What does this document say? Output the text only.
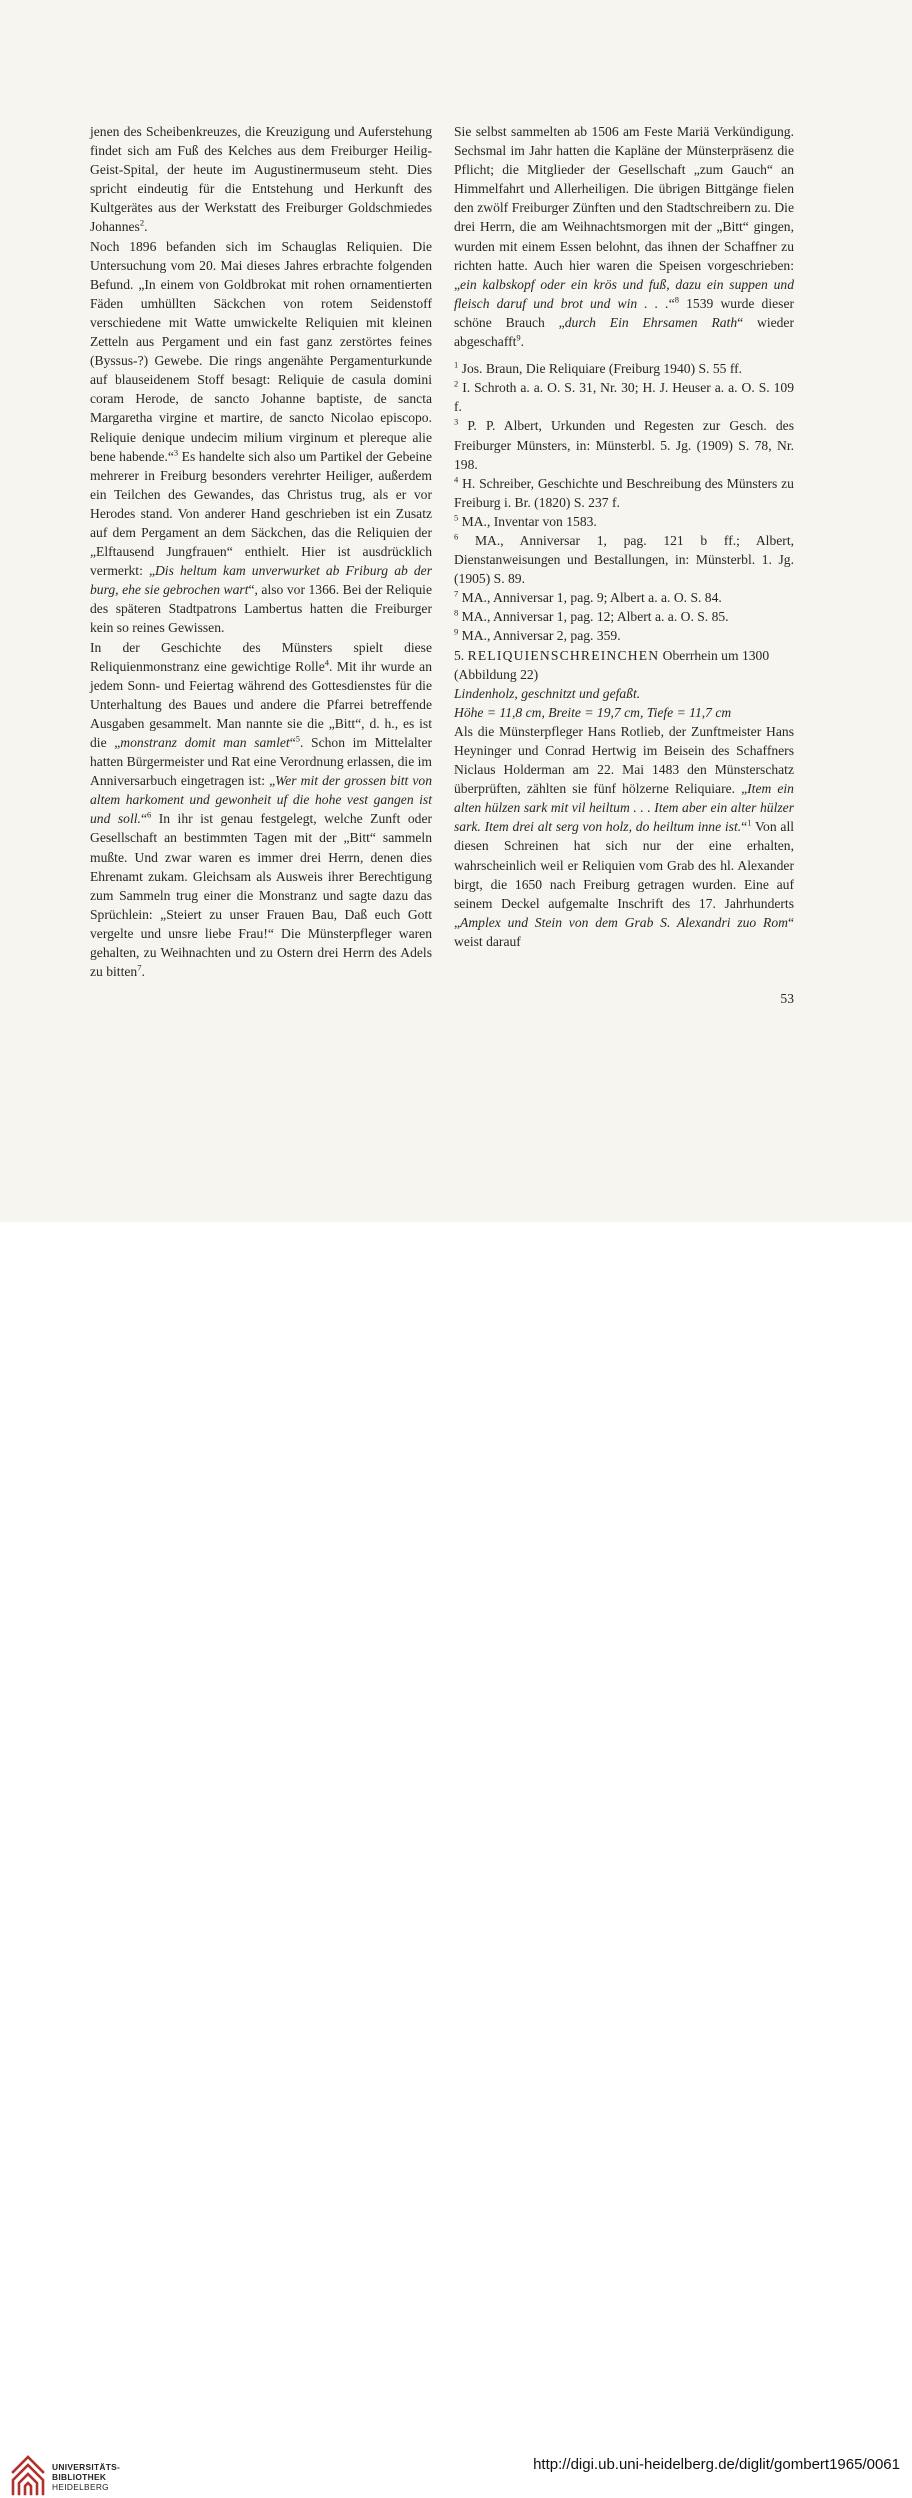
jenen des Scheibenkreuzes, die Kreuzigung und Auferstehung findet sich am Fuß des Kelches aus dem Freiburger Heilig-Geist-Spital, der heute im Augustinermuseum steht. Dies spricht eindeutig für die Entstehung und Herkunft des Kultgerätes aus der Werkstatt des Freiburger Goldschmiedes Johannes$^2$.

Noch 1896 befanden sich im Schauglas Reliquien. Die Untersuchung vom 20. Mai dieses Jahres erbrachte folgenden Befund. „In einem von Goldbrokat mit rohen ornamentierten Fäden umhüllten Säckchen von rotem Seidenstoff verschiedene mit Watte umwickelte Reliquien mit kleinen Zetteln aus Pergament und ein fast ganz zerstörtes feines (Byssus-?) Gewebe. Die rings angenähte Pergamenturkunde auf blauseidenem Stoff besagt: Reliquie de casula domini coram Herode, de sancto Johanne baptiste, de sancta Margaretha virgine et martire, de sancto Nicolao episcopo. Reliquie denique undecim milium virginum et plereque alie bene habende.“$^3$ Es handelte sich also um Partikel der Gebeine mehrerer in Freiburg besonders verehrter Heiliger, außerdem ein Teilchen des Gewandes, das Christus trug, als er vor Herodes stand. Von anderer Hand geschrieben ist ein Zusatz auf dem Pergament an dem Säckchen, das die Reliquien der „Elftausend Jungfrauen“ enthielt. Hier ist ausdrücklich vermerkt: „Dis heltum kam unverwurket ab Friburg ab der burg, ehe sie gebrochen wart“, also vor 1366. Bei der Reliquie des späteren Stadtpatrons Lambertus hatten die Freiburger kein so reines Gewissen.

In der Geschichte des Münsters spielt diese Reliquienmonstranz eine gewichtige Rolle$^4$. Mit ihr wurde an jedem Sonn- und Feiertag während des Gottesdienstes für die Unterhaltung des Baues und andere die Pfarrei betreffende Ausgaben gesammelt. Man nannte sie die „Bitt“, d. h., es ist die „monstranz domit man samlet“$^5$. Schon im Mittelalter hatten Bürgermeister und Rat eine Verordnung erlassen, die im Anniversarbuch eingetragen ist: „Wer mit der grossen bitt von altem harkoment und gewonheit uf die hohe vest gangen ist und soll.“$^6$ In ihr ist genau festgelegt, welche Zunft oder Gesellschaft an bestimmten Tagen mit der „Bitt“ sammeln mußte. Und zwar waren es immer drei Herrn, denen dies Ehrenamt zukam. Gleichsam als Ausweis ihrer Berechtigung zum Sammeln trug einer die Monstranz und sagte dazu das Sprüchlein: „Steiert zu unser Frauen Bau, Daß euch Gott vergelte und unsre liebe Frau!“ Die Münsterpfleger waren gehalten, zu Weihnachten und zu Ostern drei Herrn des Adels zu bitten$^7$.

Sie selbst sammelten ab 1506 am Feste Mariä Verkündigung. Sechsmal im Jahr hatten die Kapläne der Münsterpräsenz die Pflicht; die Mitglieder der Gesellschaft „zum Gauch“ an Himmelfahrt und Allerheiligen. Die übrigen Bittgänge fielen den zwölf Freiburger Zünften und den Stadtschreibern zu. Die drei Herrn, die am Weihnachtsmorgen mit der „Bitt“ gingen, wurden mit einem Essen belohnt, das ihnen der Schaffner zu richten hatte. Auch hier waren die Speisen vorgeschrieben: „ein kalbskopf oder ein krös und fuß, dazu ein suppen und fleisch daruf und brot und win . . .“$^8$ 1539 wurde dieser schöne Brauch „durch Ein Ehrsamen Rath“ wieder abgeschafft$^9$.

$^1$ Jos. Braun, Die Reliquiare (Freiburg 1940) S. 55 ff.

$^2$ I. Schroth a. a. O. S. 31, Nr. 30; H. J. Heuser a. a. O. S. 109 f.

$^3$ P. P. Albert, Urkunden und Regesten zur Gesch. des Freiburger Münsters, in: Münsterbl. 5. Jg. (1909) S. 78, Nr. 198.

$^4$ H. Schreiber, Geschichte und Beschreibung des Münsters zu Freiburg i. Br. (1820) S. 237 f.

$^5$ MA., Inventar von 1583.

$^6$ MA., Anniversar 1, pag. 121 b ff.; Albert, Dienstanweisungen und Bestallungen, in: Münsterbl. 1. Jg. (1905) S. 89.

$^7$ MA., Anniversar 1, pag. 9; Albert a. a. O. S. 84.

$^8$ MA., Anniversar 1, pag. 12; Albert a. a. O. S. 85.

$^9$ MA., Anniversar 2, pag. 359.

5. RELIQUIENSCHREINCHEN Oberrhein um 1300 (Abbildung 22)

Lindenholz, geschnitzt und gefaßt.
Höhe = 11,8 cm, Breite = 19,7 cm, Tiefe = 11,7 cm

Als die Münsterpfleger Hans Rotlieb, der Zunftmeister Hans Heyninger und Conrad Hertwig im Beisein des Schaffners Niclaus Holderman am 22. Mai 1483 den Münsterschatz überprüften, zählten sie fünf hölzerne Reliquiare. „Item ein alten hülzen sark mit vil heiltum . . . Item aber ein alter hülzer sark. Item drei alt serg von holz, do heiltum inne ist.“$^1$ Von all diesen Schreinen hat sich nur der eine erhalten, wahrscheinlich weil er Reliquien vom Grab des hl. Alexander birgt, die 1650 nach Freiburg getragen wurden. Eine auf seinem Deckel aufgemalte Inschrift des 17. Jahrhunderts „Amplex und Stein von dem Grab S. Alexandri zuo Rom“ weist darauf

53
UNIVERSITÄTS-
BIBLIOTHEK
HEIDELBERG
http://digi.ub.uni-heidelberg.de/diglit/gombert1965/0061
